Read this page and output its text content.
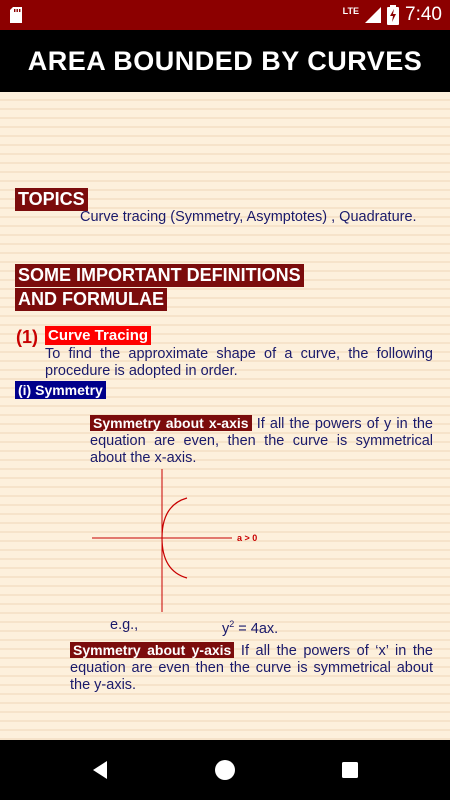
LTE 7:40
AREA BOUNDED BY CURVES
TOPICS
Curve tracing (Symmetry, Asymptotes) , Quadrature.
SOME IMPORTANT DEFINITIONS
AND FORMULAE
(1) Curve Tracing
To find the approximate shape of a curve, the following procedure is adopted in order.
(i) Symmetry
Symmetry about x-axis If all the powers of y in the equation are even, then the curve is symmetrical about the x-axis.
a > 0
e.g.,	$y^2 = 4ax$.
Symmetry about y-axis If all the powers of ‘x’ in the equation are even then the curve is symmetrical about the y-axis.
